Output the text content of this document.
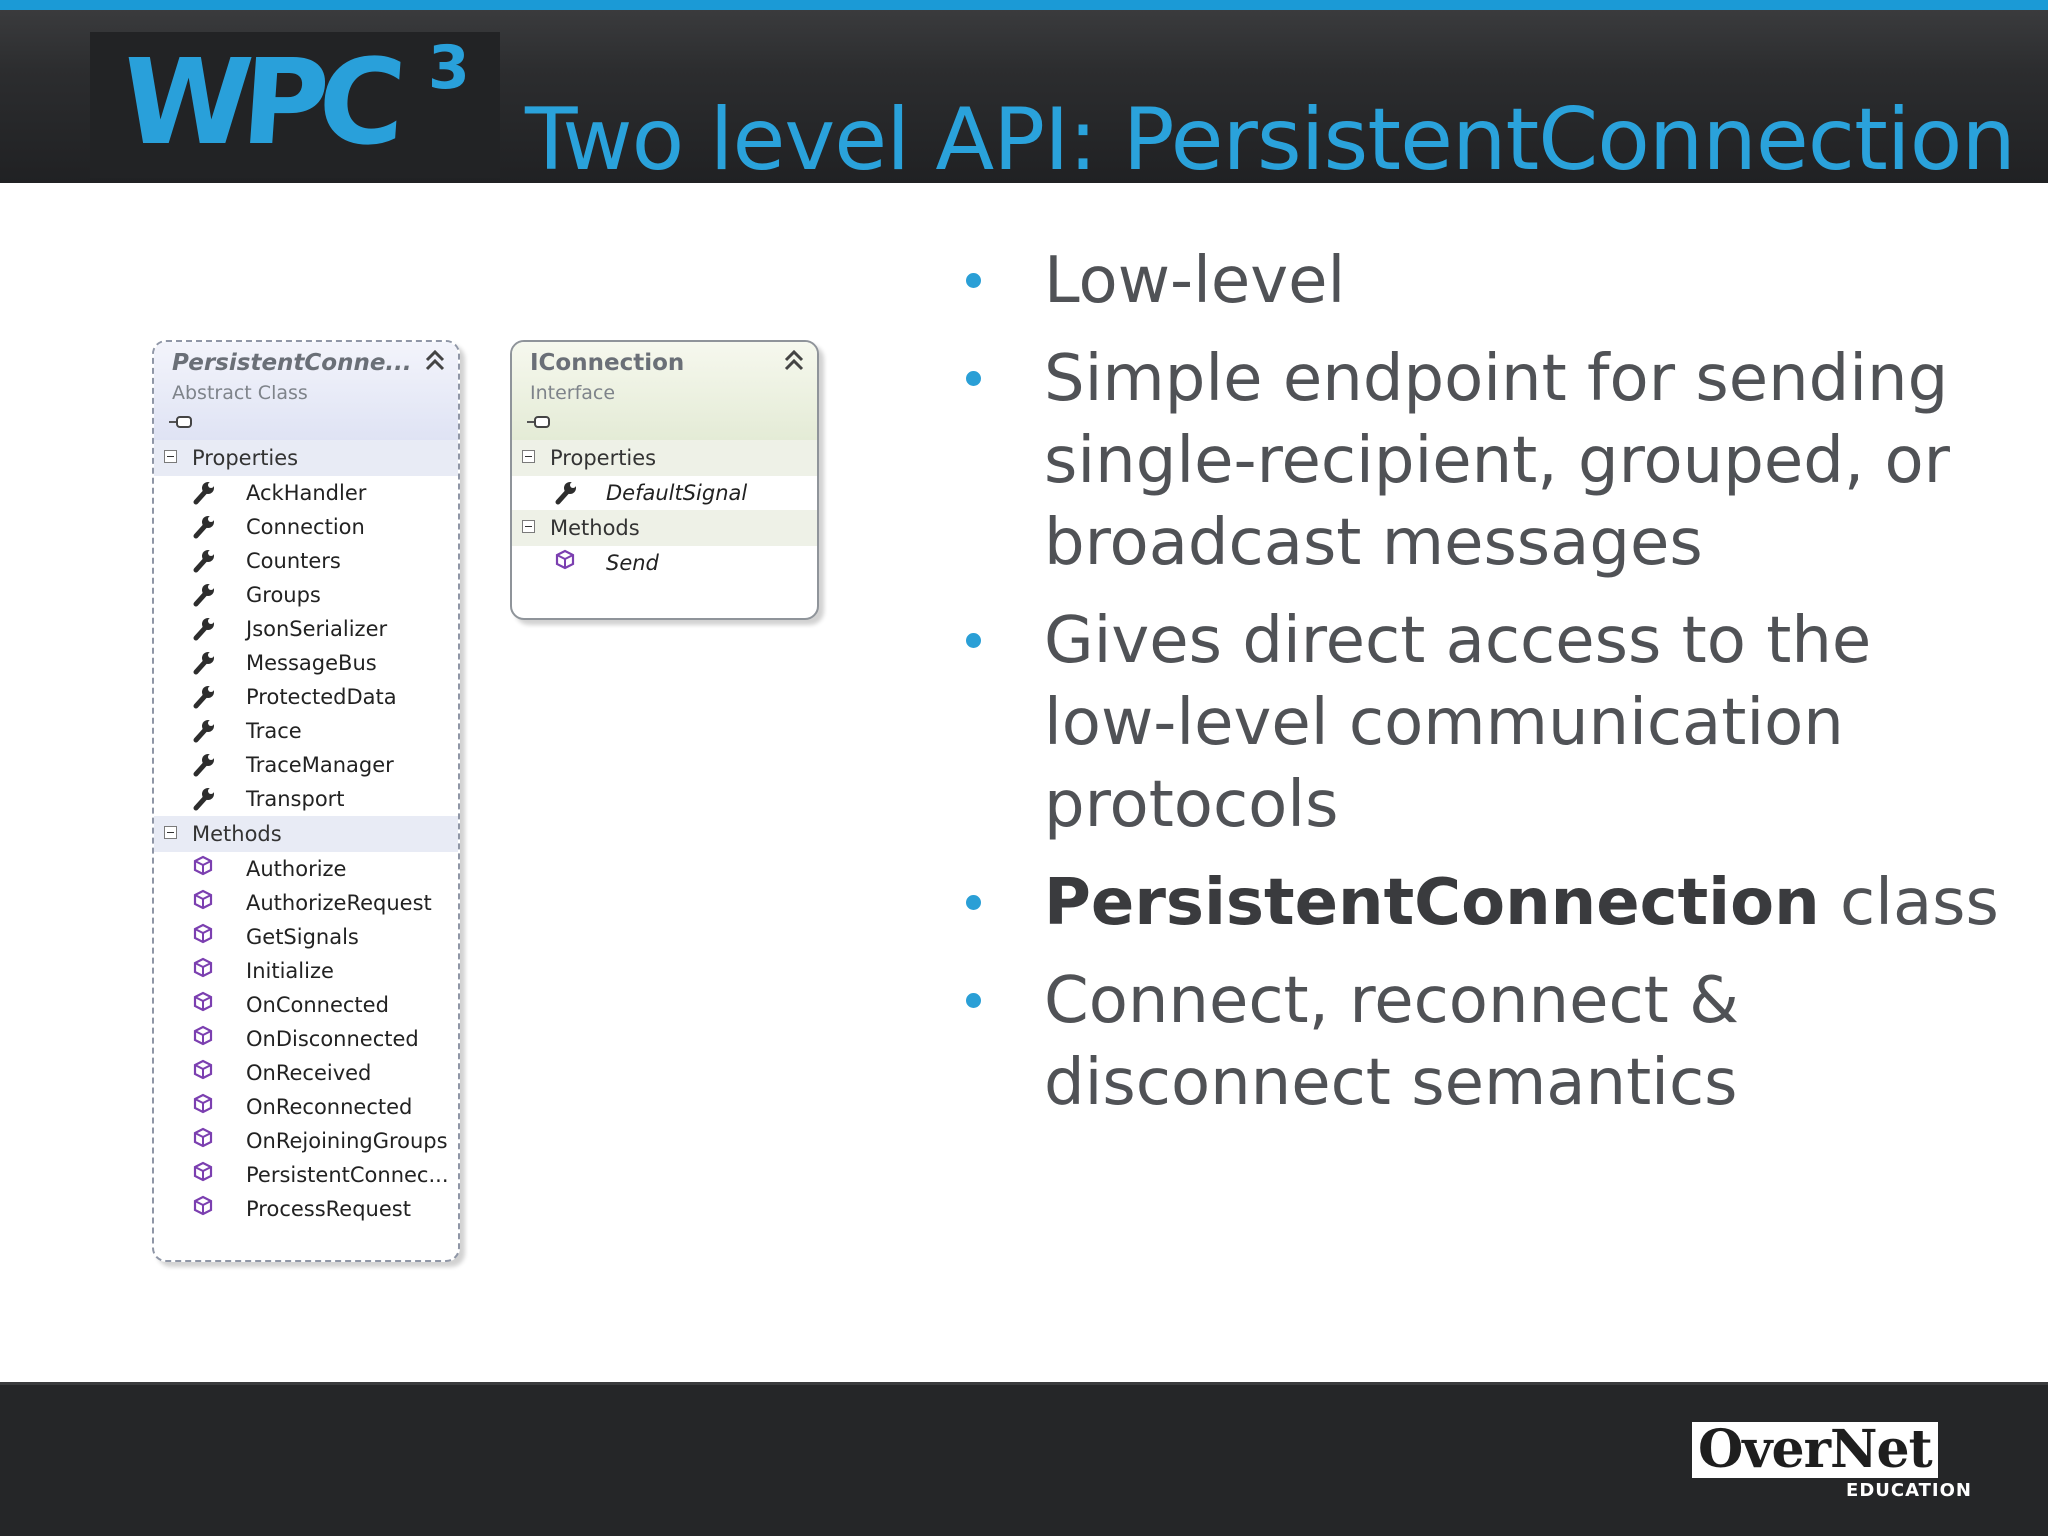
WPC 3
Two level API: PersistentConnection
PersistentConne...
Abstract Class
Properties
AckHandler
Connection
Counters
Groups
JsonSerializer
MessageBus
ProtectedData
Trace
TraceManager
Transport
Methods
Authorize
AuthorizeRequest
GetSignals
Initialize
OnConnected
OnDisconnected
OnReceived
OnReconnected
OnRejoiningGroups
PersistentConnec...
ProcessRequest
IConnection
Interface
Properties
DefaultSignal
Methods
Send
Low-level
Simple endpoint for sending single-recipient, grouped, or broadcast messages
Gives direct access to the low-level communication protocols
PersistentConnection class
Connect, reconnect & disconnect semantics
OverNet
EDUCATION
